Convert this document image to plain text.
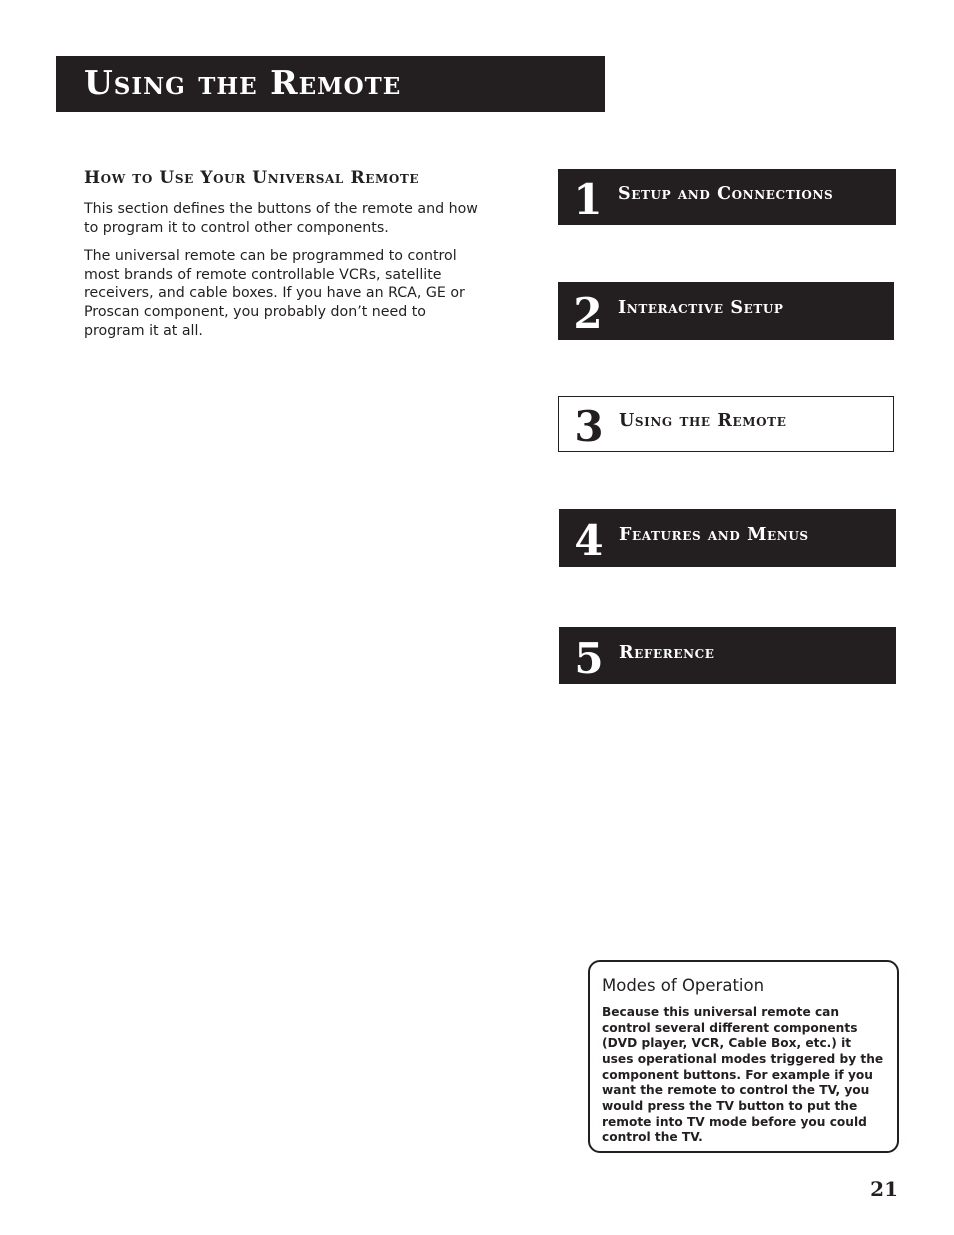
Using the Remote
How to Use Your Universal Remote

This section defines the buttons of the remote and how to program it to control other components.

The universal remote can be programmed to control most brands of remote controllable VCRs, satellite receivers, and cable boxes. If you have an RCA, GE or Proscan component, you probably don’t need to program it at all.

1 Setup and Connections
2 Interactive Setup
3 Using the Remote
4 Features and Menus
5 Reference

Modes of Operation

Because this universal remote can control several different components (DVD player, VCR, Cable Box, etc.) it uses operational modes triggered by the component buttons. For example if you want the remote to control the TV, you would press the TV button to put the remote into TV mode before you could control the TV.

21
